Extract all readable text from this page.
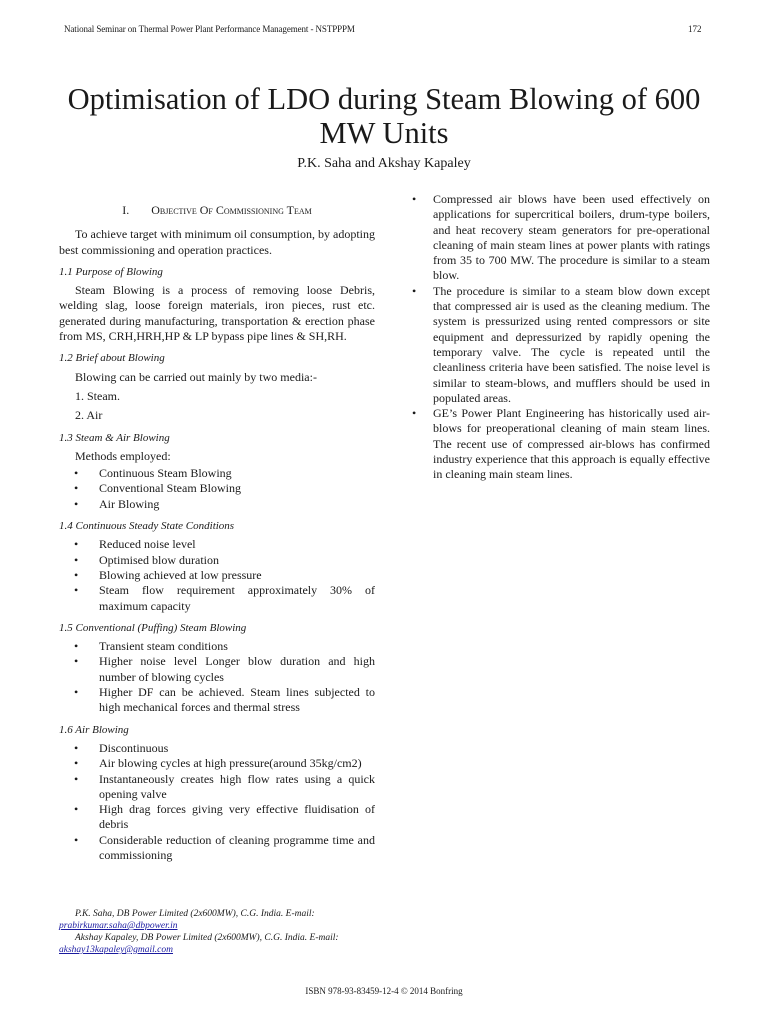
National Seminar on Thermal Power Plant Performance Management - NSTPPPM	172
Optimisation of LDO during Steam Blowing of 600 MW Units
P.K. Saha and Akshay Kapaley
I. Objective Of Commissioning Team

To achieve target with minimum oil consumption, by adopting best commissioning and operation practices.

1.1 Purpose of Blowing

Steam Blowing is a process of removing loose Debris, welding slag, loose foreign materials, iron pieces, rust etc. generated during manufacturing, transportation & erection phase from MS, CRH,HRH,HP & LP bypass pipe lines & SH,RH.

1.2 Brief about Blowing

Blowing can be carried out mainly by two media:-

1. Steam.
2. Air
1.3 Steam & Air Blowing

Methods employed:

• Continuous Steam Blowing
• Conventional Steam Blowing
• Air Blowing
1.4 Continuous Steady State Conditions
• Reduced noise level
• Optimised blow duration
• Blowing achieved at low pressure
• Steam flow requirement approximately 30% of maximum capacity
1.5 Conventional (Puffing) Steam Blowing
• Transient steam conditions
• Higher noise level Longer blow duration and high number of blowing cycles
• Higher DF can be achieved. Steam lines subjected to high mechanical forces and thermal stress
1.6 Air Blowing
• Discontinuous
• Air blowing cycles at high pressure(around 35kg/cm2)
• Instantaneously creates high flow rates using a quick opening valve
• High drag forces giving very effective fluidisation of debris
• Considerable reduction of cleaning programme time and commissioning
• Compressed air blows have been used effectively on applications for supercritical boilers, drum-type boilers, and heat recovery steam generators for pre-operational cleaning of main steam lines at power plants with ratings from 35 to 700 MW. The procedure is similar to a steam blow.
• The procedure is similar to a steam blow down except that compressed air is used as the cleaning medium. The system is pressurized using rented compressors or site equipment and depressurized by rapidly opening the temporary valve. The cycle is repeated until the cleanliness criteria have been satisfied. The noise level is similar to steam-blows, and mufflers should be used in populated areas.
• GE’s Power Plant Engineering has historically used air-blows for preoperational cleaning of main steam lines. The recent use of compressed air-blows has confirmed industry experience that this approach is equally effective in cleaning main steam lines.
P.K. Saha, DB Power Limited (2x600MW), C.G. India. E-mail:
prabirkumar.saha@dbpower.in
Akshay Kapaley, DB Power Limited (2x600MW), C.G. India. E-mail:
akshay13kapaley@gmail.com
ISBN 978-93-83459-12-4 © 2014 Bonfring
